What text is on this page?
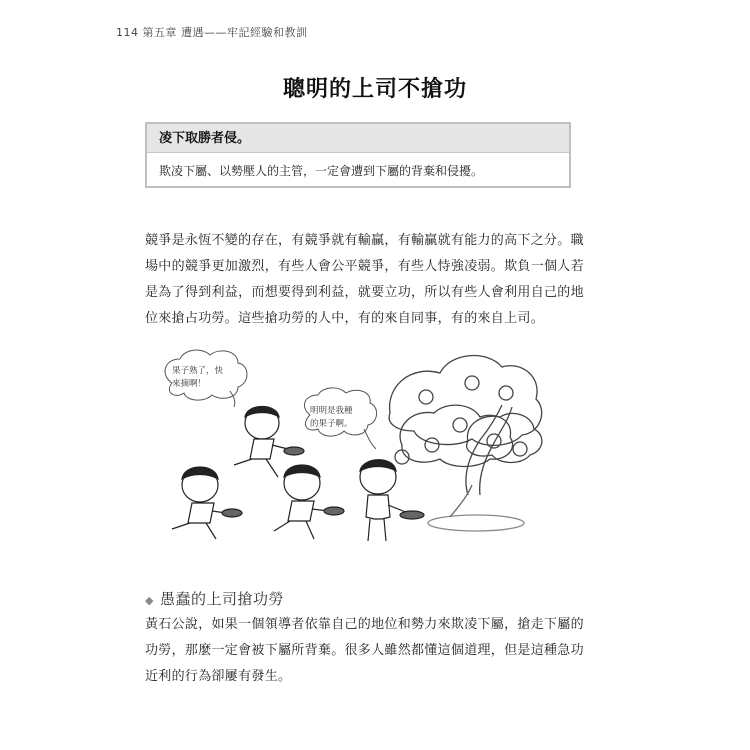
114 第五章 遭遇——牢記經驗和教訓
聰明的上司不搶功
凌下取勝者侵。
欺凌下屬、以勢壓人的主管，一定會遭到下屬的背棄和侵擾。
競爭是永恆不變的存在，有競爭就有輸贏，有輸贏就有能力的高下之分。職
場中的競爭更加激烈，有些人會公平競爭，有些人恃強凌弱。欺負一個人若
是為了得到利益，而想要得到利益，就要立功，所以有些人會利用自己的地
位來搶占功勞。這些搶功勞的人中，有的來自同事，有的來自上司。
果子熟了，快
來摘啊！
明明是我種
的果子啊。
◆ 愚蠢的上司搶功勞
黃石公說，如果一個領導者依靠自己的地位和勢力來欺凌下屬，搶走下屬的
功勞，那麼一定會被下屬所背棄。很多人雖然都懂這個道理，但是這種急功
近利的行為卻屢有發生。
